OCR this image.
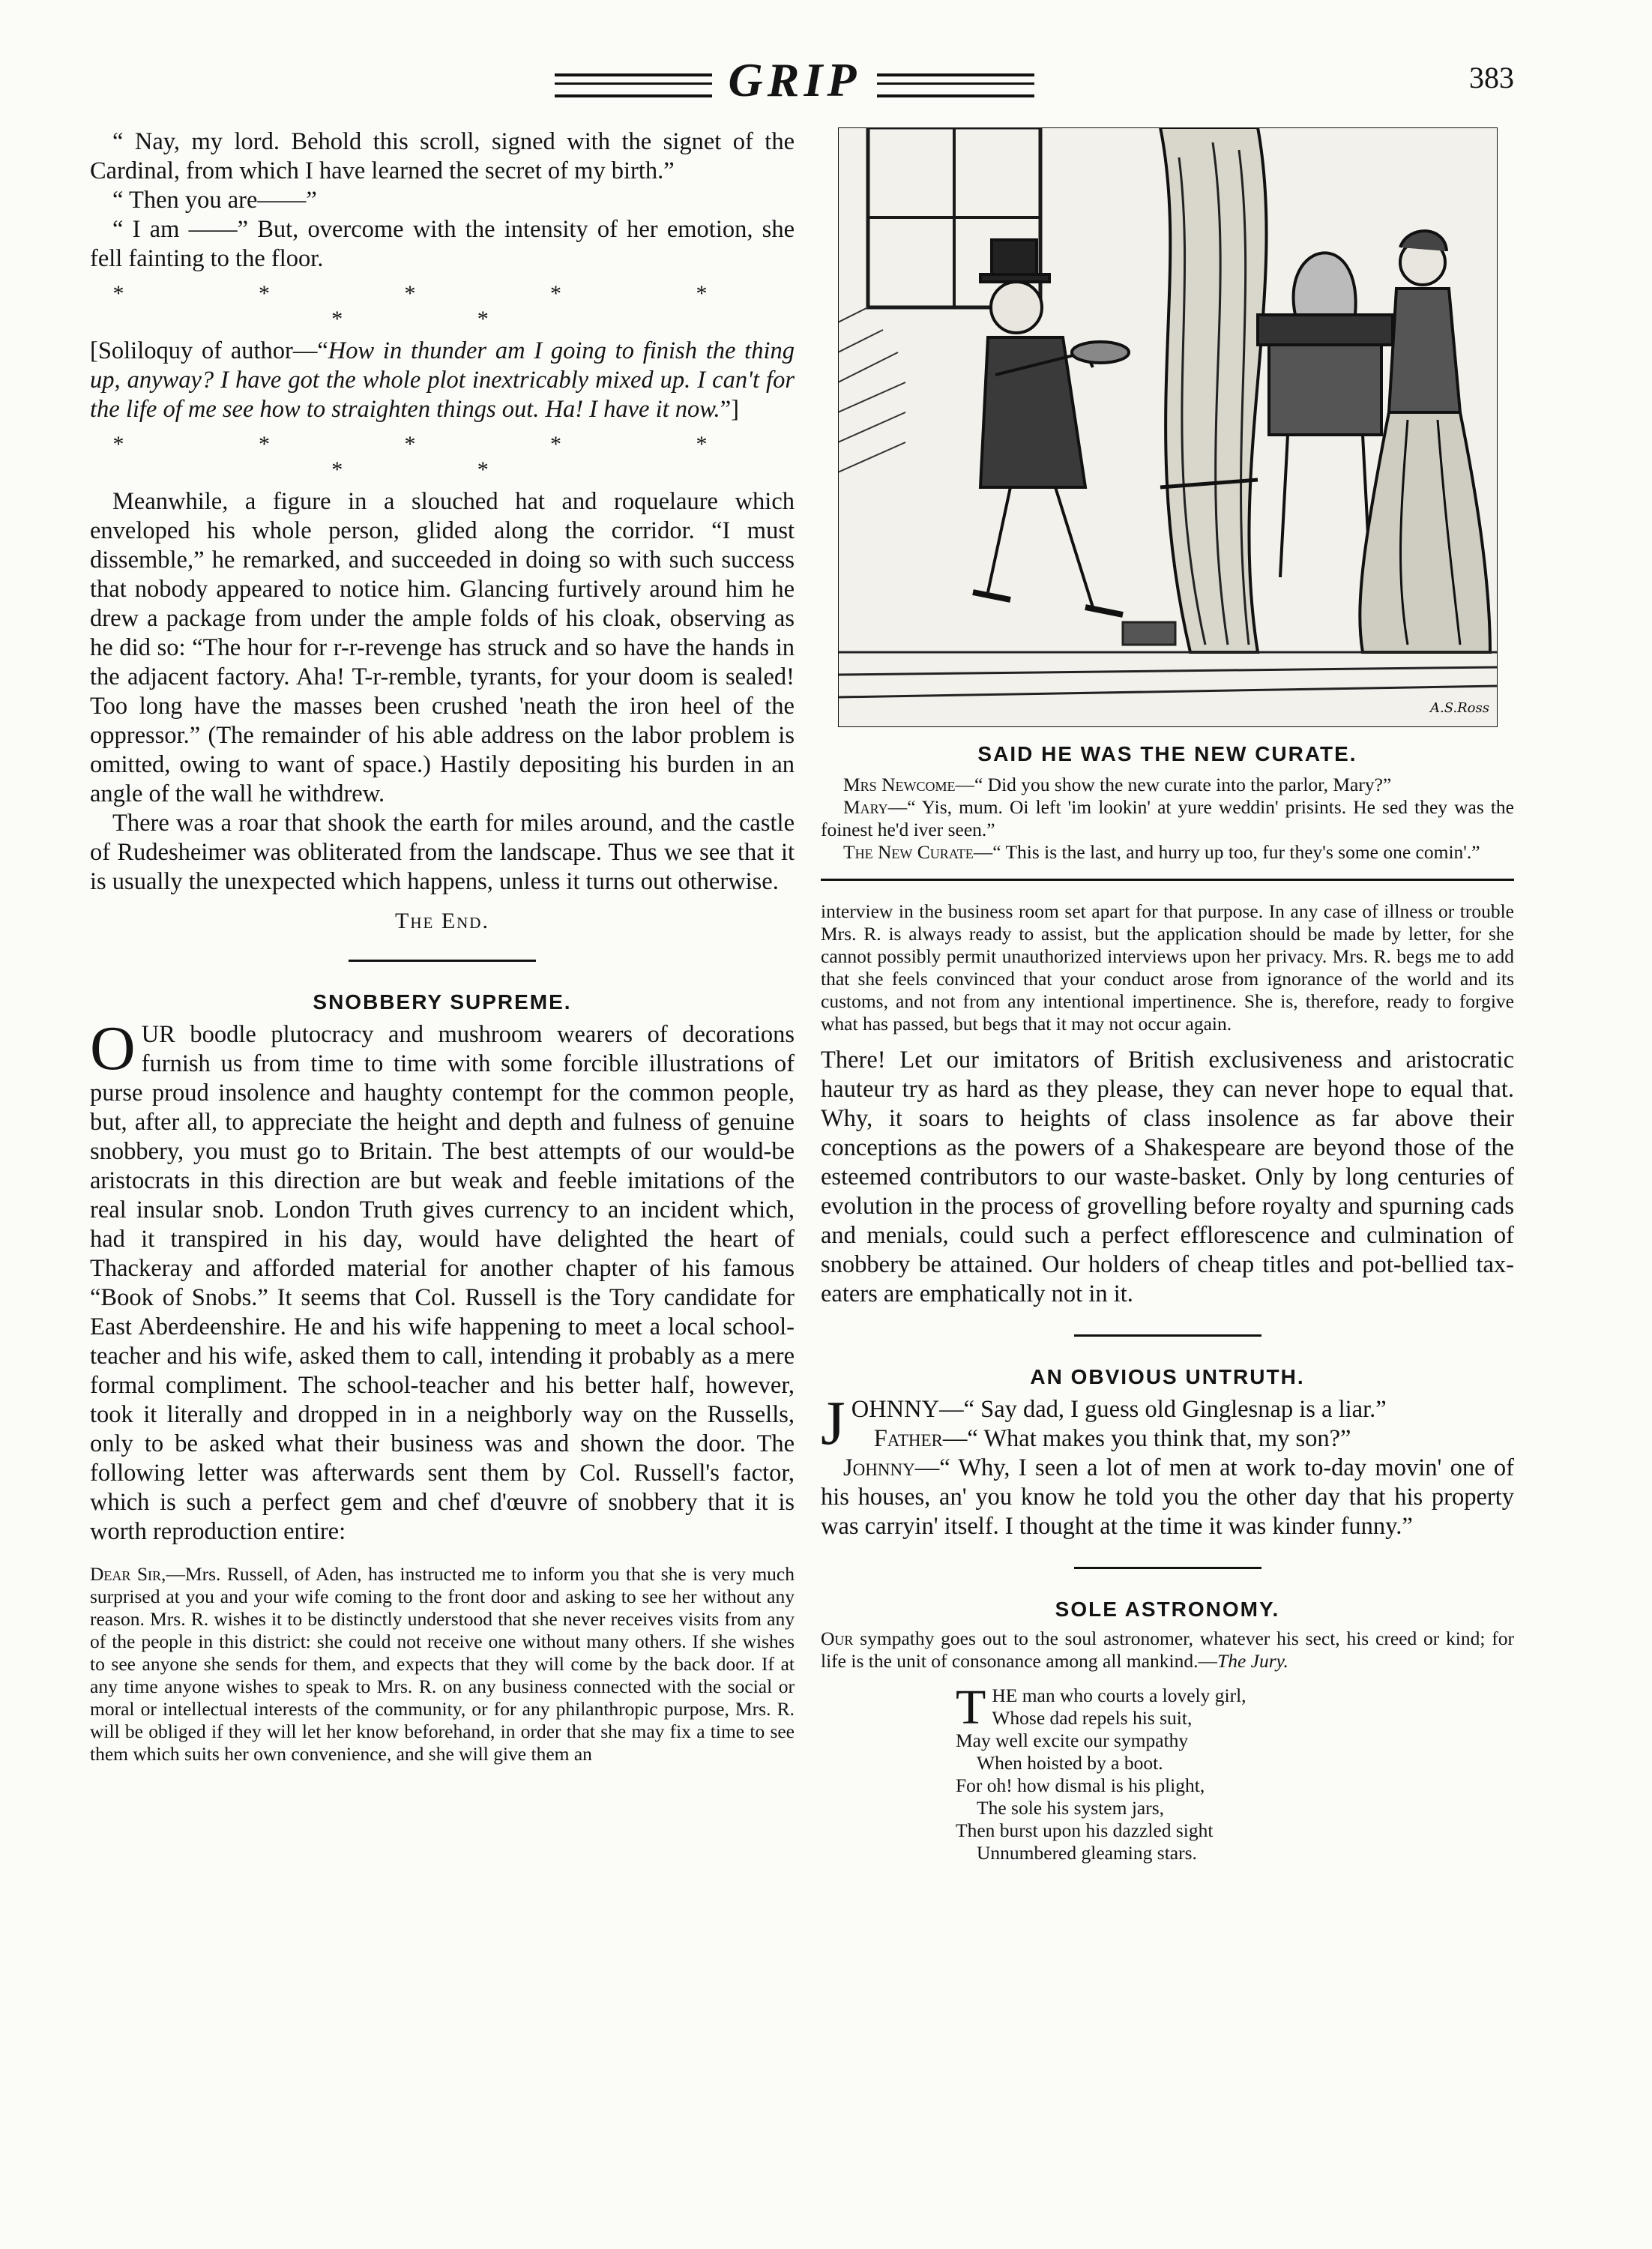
GRIP	383

“ Nay, my lord. Behold this scroll, signed with the signet of the Cardinal, from which I have learned the secret of my birth.”

“ Then you are——”

“ I am ——” But, overcome with the intensity of her emotion, she fell fainting to the floor.

* * * * * * *

[Soliloquy of author—“How in thunder am I going to finish the thing up, anyway? I have got the whole plot inextricably mixed up. I can't for the life of me see how to straighten things out. Ha! I have it now.”]

* * * * * * *

Meanwhile, a figure in a slouched hat and roquelaure which enveloped his whole person, glided along the corridor. “I must dissemble,” he remarked, and succeeded in doing so with such success that nobody appeared to notice him. Glancing furtively around him he drew a package from under the ample folds of his cloak, observing as he did so: “The hour for r-r-revenge has struck and so have the hands in the adjacent factory. Aha! T-r-remble, tyrants, for your doom is sealed! Too long have the masses been crushed 'neath the iron heel of the oppressor.” (The remainder of his able address on the labor problem is omitted, owing to want of space.) Hastily depositing his burden in an angle of the wall he withdrew.

There was a roar that shook the earth for miles around, and the castle of Rudesheimer was obliterated from the landscape. Thus we see that it is usually the unexpected which happens, unless it turns out otherwise.

The End.
SNOBBERY SUPREME.

OUR boodle plutocracy and mushroom wearers of decorations furnish us from time to time with some forcible illustrations of purse proud insolence and haughty contempt for the common people, but, after all, to appreciate the height and depth and fulness of genuine snobbery, you must go to Britain. The best attempts of our would-be aristocrats in this direction are but weak and feeble imitations of the real insular snob. London Truth gives currency to an incident which, had it transpired in his day, would have delighted the heart of Thackeray and afforded material for another chapter of his famous “Book of Snobs.” It seems that Col. Russell is the Tory candidate for East Aberdeenshire. He and his wife happening to meet a local school-teacher and his wife, asked them to call, intending it probably as a mere formal compliment. The school-teacher and his better half, however, took it literally and dropped in in a neighborly way on the Russells, only to be asked what their business was and shown the door. The following letter was afterwards sent them by Col. Russell's factor, which is such a perfect gem and chef d'œuvre of snobbery that it is worth reproduction entire:

Dear Sir,—Mrs. Russell, of Aden, has instructed me to inform you that she is very much surprised at you and your wife coming to the front door and asking to see her without any reason. Mrs. R. wishes it to be distinctly understood that she never receives visits from any of the people in this district: she could not receive one without many others. If she wishes to see anyone she sends for them, and expects that they will come by the back door. If at any time anyone wishes to speak to Mrs. R. on any business connected with the social or moral or intellectual interests of the community, or for any philanthropic purpose, Mrs. R. will be obliged if they will let her know beforehand, in order that she may fix a time to see them which suits her own convenience, and she will give them an

A.S.Ross
SAID HE WAS THE NEW CURATE.

Mrs Newcome—“ Did you show the new curate into the parlor, Mary?”

Mary—“ Yis, mum. Oi left 'im lookin' at yure weddin' prisints. He sed they was the foinest he'd iver seen.”

The New Curate—“ This is the last, and hurry up too, fur they's some one comin'.”

interview in the business room set apart for that purpose. In any case of illness or trouble Mrs. R. is always ready to assist, but the application should be made by letter, for she cannot possibly permit unauthorized interviews upon her privacy. Mrs. R. begs me to add that she feels convinced that your conduct arose from ignorance of the world and its customs, and not from any intentional impertinence. She is, therefore, ready to forgive what has passed, but begs that it may not occur again.

There! Let our imitators of British exclusiveness and aristocratic hauteur try as hard as they please, they can never hope to equal that. Why, it soars to heights of class insolence as far above their conceptions as the powers of a Shakespeare are beyond those of the esteemed contributors to our waste-basket. Only by long centuries of evolution in the process of grovelling before royalty and spurning cads and menials, could such a perfect efflorescence and culmination of snobbery be attained. Our holders of cheap titles and pot-bellied tax-eaters are emphatically not in it.

AN OBVIOUS UNTRUTH.

JOHNNY—“ Say dad, I guess old Ginglesnap is a liar.”

Father—“ What makes you think that, my son?”

Johnny—“ Why, I seen a lot of men at work to-day movin' one of his houses, an' you know he told you the other day that his property was carryin' itself. I thought at the time it was kinder funny.”

SOLE ASTRONOMY.

Our sympathy goes out to the soul astronomer, whatever his sect, his creed or kind; for life is the unit of consonance among all mankind.—The Jury.

THE man who courts a lovely girl,

Whose dad repels his suit,

May well excite our sympathy

When hoisted by a boot.

For oh! how dismal is his plight,

The sole his system jars,

Then burst upon his dazzled sight

Unnumbered gleaming stars.
